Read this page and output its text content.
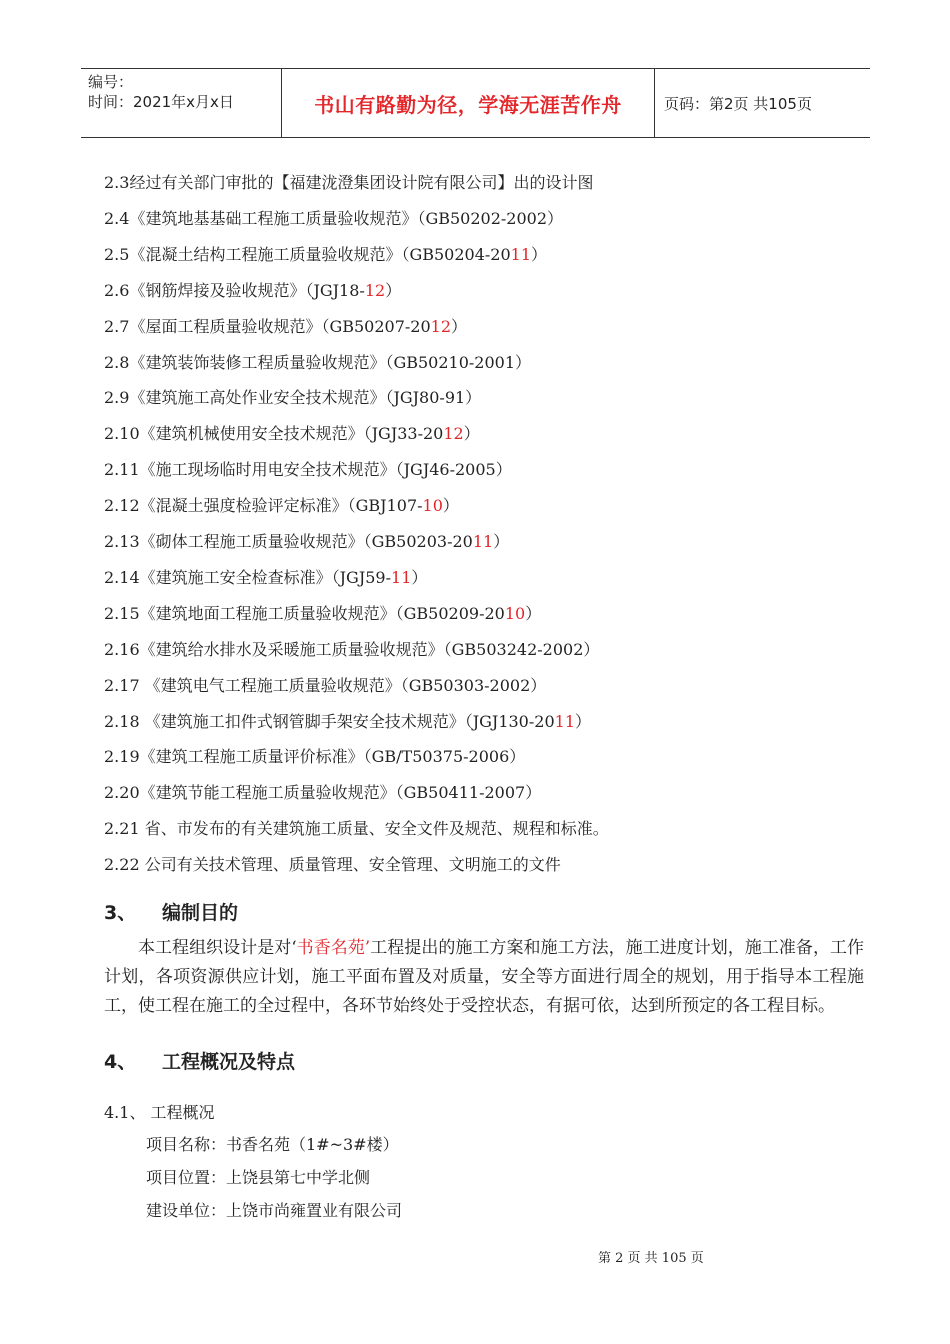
编号：
时间：2021年x月x日	书山有路勤为径，学海无涯苦作舟	页码：第2页 共105页
2.3经过有关部门审批的【福建泷澄集团设计院有限公司】出的设计图
2.4《建筑地基基础工程施工质量验收规范》（GB50202-2002）
2.5《混凝土结构工程施工质量验收规范》（GB50204-2011）
2.6《钢筋焊接及验收规范》（JGJ18-12）
2.7《屋面工程质量验收规范》（GB50207-2012）
2.8《建筑装饰装修工程质量验收规范》（GB50210-2001）
2.9《建筑施工高处作业安全技术规范》（JGJ80-91）
2.10《建筑机械使用安全技术规范》（JGJ33-2012）
2.11《施工现场临时用电安全技术规范》（JGJ46-2005）
2.12《混凝土强度检验评定标准》（GBJ107-10）
2.13《砌体工程施工质量验收规范》（GB50203-2011）
2.14《建筑施工安全检查标准》（JGJ59-11）
2.15《建筑地面工程施工质量验收规范》（GB50209-2010）
2.16《建筑给水排水及采暖施工质量验收规范》（GB503242-2002）
2.17 《建筑电气工程施工质量验收规范》（GB50303-2002）
2.18 《建筑施工扣件式钢管脚手架安全技术规范》（JGJ130-2011）
2.19《建筑工程施工质量评价标准》（GB/T50375-2006）
2.20《建筑节能工程施工质量验收规范》（GB50411-2007）
2.21 省、市发布的有关建筑施工质量、安全文件及规范、规程和标准。
2.22 公司有关技术管理、质量管理、安全管理、文明施工的文件
3、 编制目的
本工程组织设计是对‘书香名苑’工程提出的施工方案和施工方法，施工进度计划，施工准备，工作计划，各项资源供应计划，施工平面布置及对质量，安全等方面进行周全的规划，用于指导本工程施工，使工程在施工的全过程中，各环节始终处于受控状态，有据可依，达到所预定的各工程目标。
4、 工程概况及特点
4.1、 工程概况
项目名称：书香名苑（1#~3#楼）
项目位置：上饶县第七中学北侧
建设单位：上饶市尚雍置业有限公司
第 2 页 共 105 页
